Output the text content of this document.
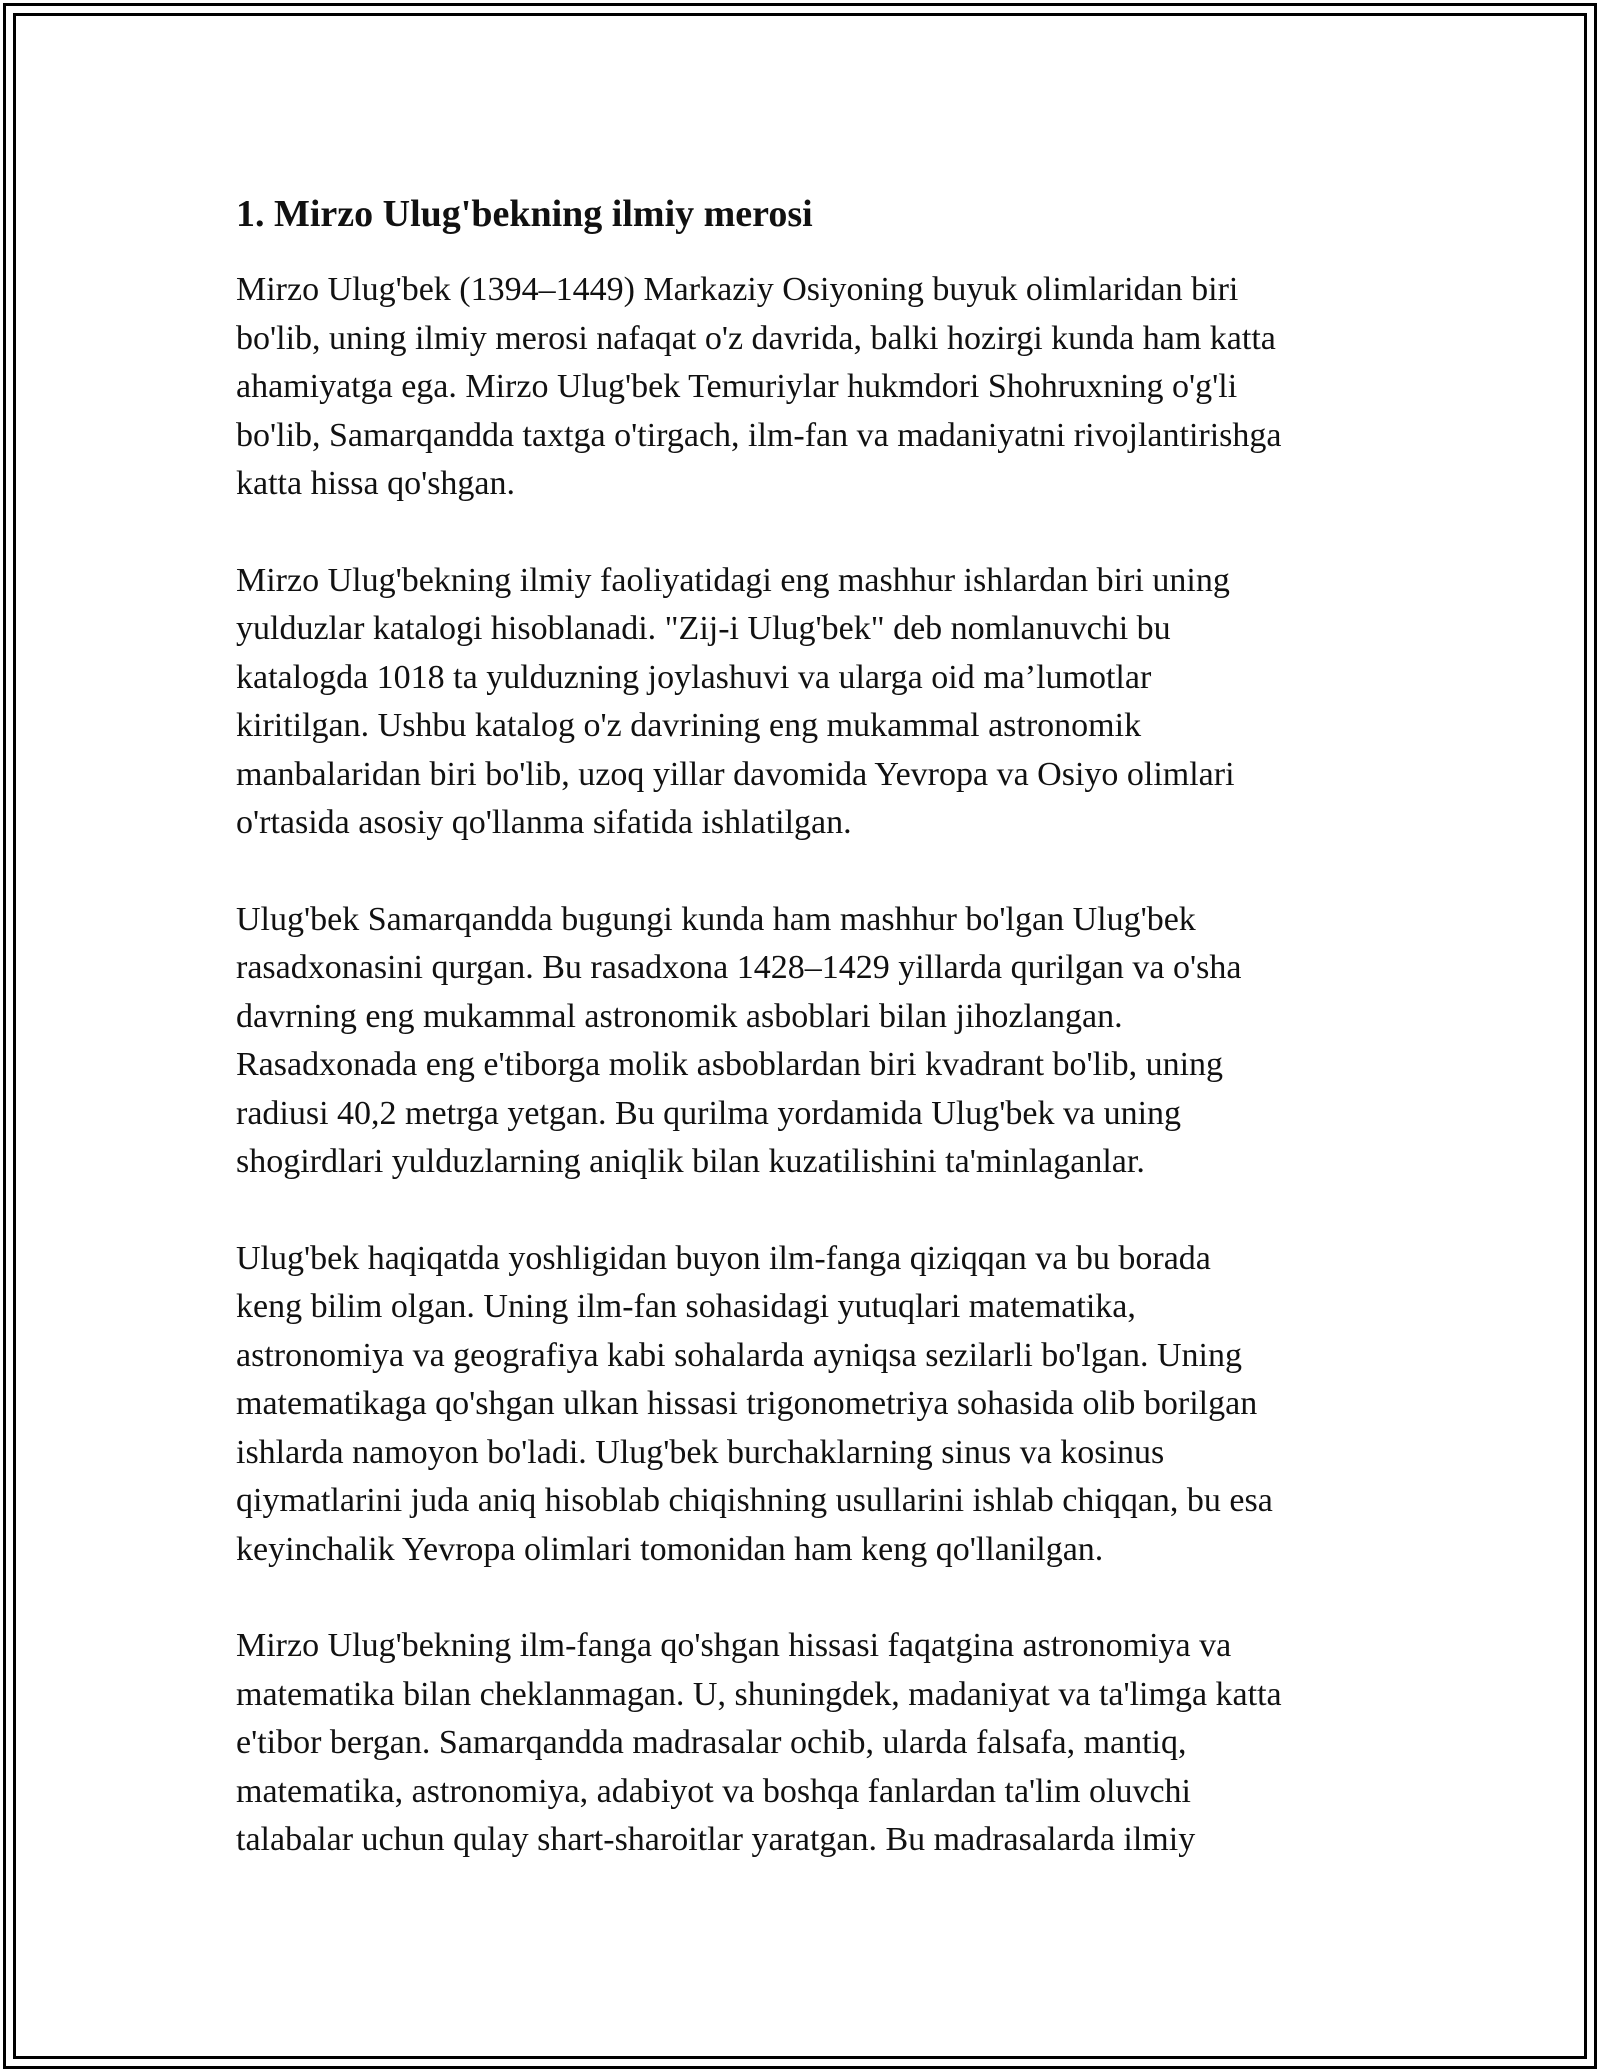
1. Mirzo Ulug'bekning ilmiy merosi

Mirzo Ulug'bek (1394–1449) Markaziy Osiyoning buyuk olimlaridan biri
bo'lib, uning ilmiy merosi nafaqat o'z davrida, balki hozirgi kunda ham katta
ahamiyatga ega. Mirzo Ulug'bek Temuriylar hukmdori Shohruxning o'g'li
bo'lib, Samarqandda taxtga o'tirgach, ilm-fan va madaniyatni rivojlantirishga
katta hissa qo'shgan.

Mirzo Ulug'bekning ilmiy faoliyatidagi eng mashhur ishlardan biri uning
yulduzlar katalogi hisoblanadi. "Zij-i Ulug'bek" deb nomlanuvchi bu
katalogda 1018 ta yulduzning joylashuvi va ularga oid ma’lumotlar
kiritilgan. Ushbu katalog o'z davrining eng mukammal astronomik
manbalaridan biri bo'lib, uzoq yillar davomida Yevropa va Osiyo olimlari
o'rtasida asosiy qo'llanma sifatida ishlatilgan.

Ulug'bek Samarqandda bugungi kunda ham mashhur bo'lgan Ulug'bek
rasadxonasini qurgan. Bu rasadxona 1428–1429 yillarda qurilgan va o'sha
davrning eng mukammal astronomik asboblari bilan jihozlangan.
Rasadxonada eng e'tiborga molik asboblardan biri kvadrant bo'lib, uning
radiusi 40,2 metrga yetgan. Bu qurilma yordamida Ulug'bek va uning
shogirdlari yulduzlarning aniqlik bilan kuzatilishini ta'minlaganlar.

Ulug'bek haqiqatda yoshligidan buyon ilm-fanga qiziqqan va bu borada
keng bilim olgan. Uning ilm-fan sohasidagi yutuqlari matematika,
astronomiya va geografiya kabi sohalarda ayniqsa sezilarli bo'lgan. Uning
matematikaga qo'shgan ulkan hissasi trigonometriya sohasida olib borilgan
ishlarda namoyon bo'ladi. Ulug'bek burchaklarning sinus va kosinus
qiymatlarini juda aniq hisoblab chiqishning usullarini ishlab chiqqan, bu esa
keyinchalik Yevropa olimlari tomonidan ham keng qo'llanilgan.

Mirzo Ulug'bekning ilm-fanga qo'shgan hissasi faqatgina astronomiya va
matematika bilan cheklanmagan. U, shuningdek, madaniyat va ta'limga katta
e'tibor bergan. Samarqandda madrasalar ochib, ularda falsafa, mantiq,
matematika, astronomiya, adabiyot va boshqa fanlardan ta'lim oluvchi
talabalar uchun qulay shart-sharoitlar yaratgan. Bu madrasalarda ilmiy
